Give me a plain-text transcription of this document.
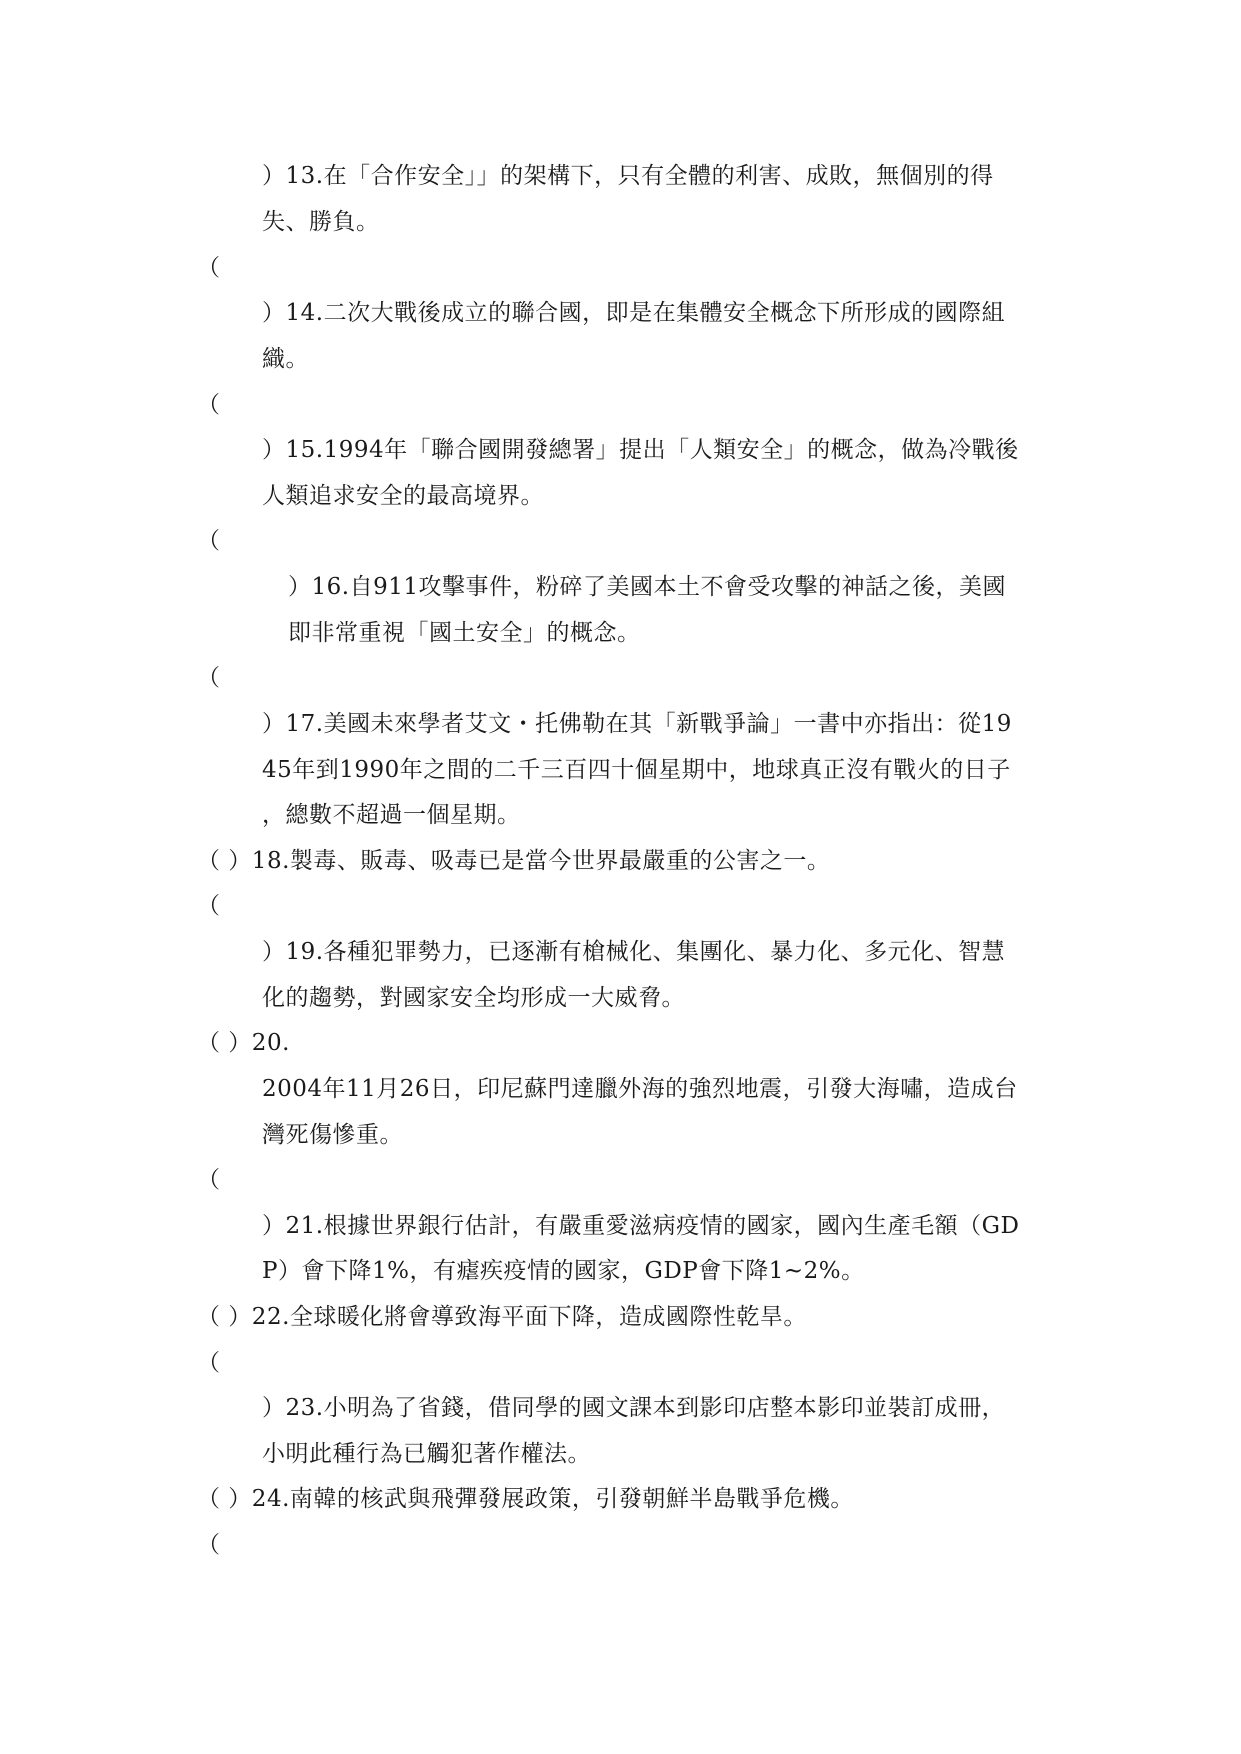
）13.在「合作安全」」的架構下，只有全體的利害、成敗，無個別的得
失、勝負。
（
）14.二次大戰後成立的聯合國，即是在集體安全概念下所形成的國際組
織。
（
）15.1994年「聯合國開發總署」提出「人類安全」的概念，做為冷戰後
人類追求安全的最高境界。
（
）16.自911攻擊事件，粉碎了美國本土不會受攻擊的神話之後，美國
即非常重視「國土安全」的概念。
（
）17.美國未來學者艾文・托佛勒在其「新戰爭論」一書中亦指出：從19
45年到1990年之間的二千三百四十個星期中，地球真正沒有戰火的日子
，總數不超過一個星期。
（ ）18.製毒、販毒、吸毒已是當今世界最嚴重的公害之一。
（
）19.各種犯罪勢力，已逐漸有槍械化、集團化、暴力化、多元化、智慧
化的趨勢，對國家安全均形成一大威脅。
（ ）20.
2004年11月26日，印尼蘇門達臘外海的強烈地震，引發大海嘯，造成台
灣死傷慘重。
（
）21.根據世界銀行估計，有嚴重愛滋病疫情的國家，國內生產毛額（GD
P）會下降1%，有瘧疾疫情的國家，GDP會下降1~2%。
（ ）22.全球暖化將會導致海平面下降，造成國際性乾旱。
（
）23.小明為了省錢，借同學的國文課本到影印店整本影印並裝訂成冊，
小明此種行為已觸犯著作權法。
（ ）24.南韓的核武與飛彈發展政策，引發朝鮮半島戰爭危機。
（
